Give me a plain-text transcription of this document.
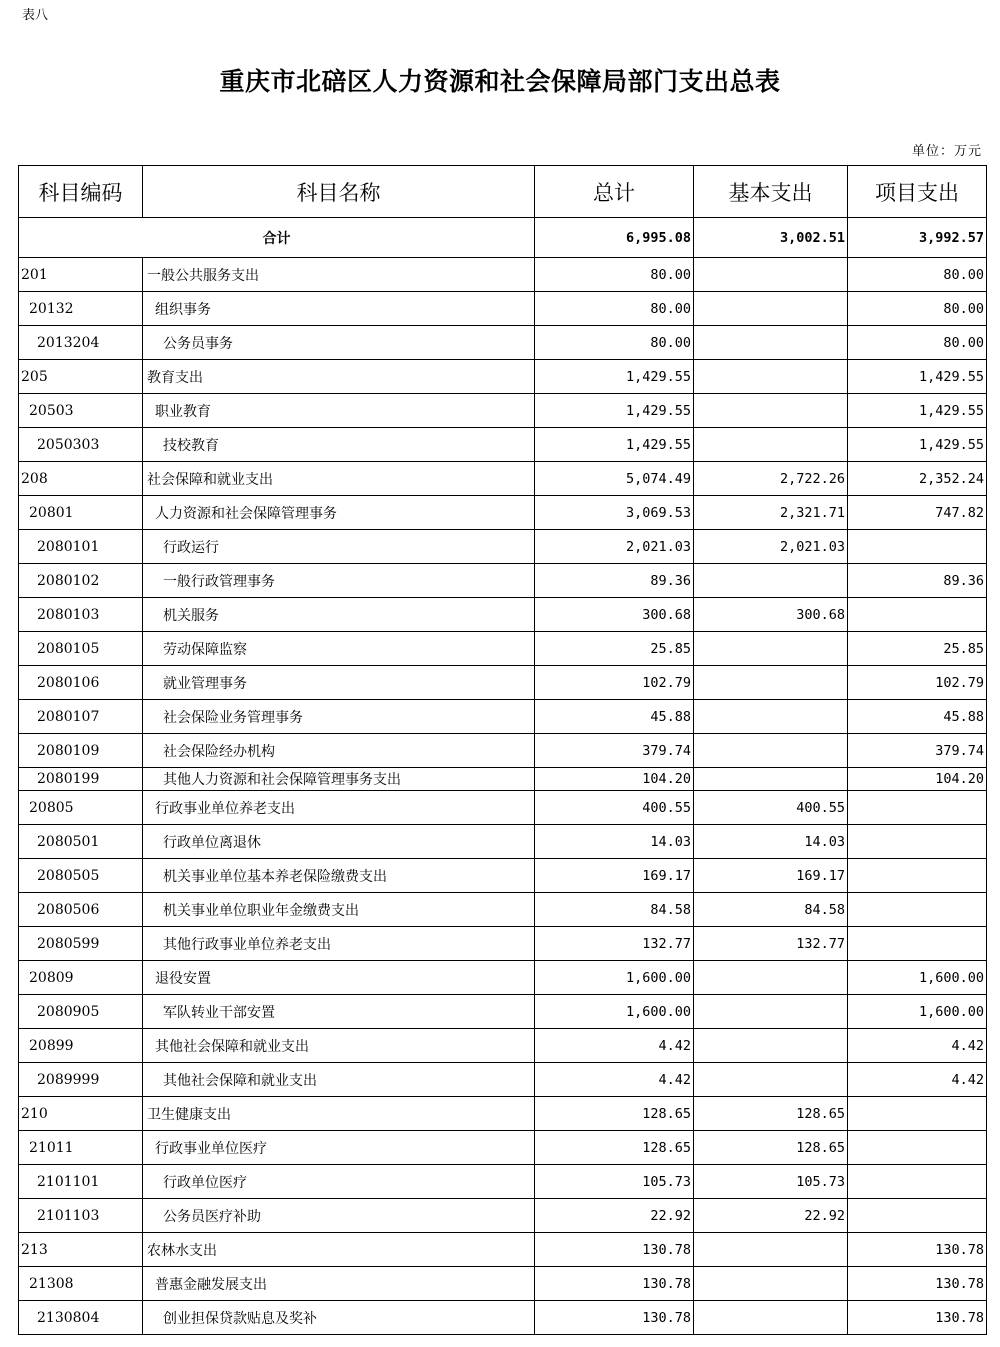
表八
重庆市北碚区人力资源和社会保障局部门支出总表
单位：万元
科目编码	科目名称	总计	基本支出	项目支出
合计		6,995.08	3,002.51	3,992.57
201	一般公共服务支出	80.00		80.00
20132	组织事务	80.00		80.00
2013204	公务员事务	80.00		80.00
205	教育支出	1,429.55		1,429.55
20503	职业教育	1,429.55		1,429.55
2050303	技校教育	1,429.55		1,429.55
208	社会保障和就业支出	5,074.49	2,722.26	2,352.24
20801	人力资源和社会保障管理事务	3,069.53	2,321.71	747.82
2080101	行政运行	2,021.03	2,021.03	
2080102	一般行政管理事务	89.36		89.36
2080103	机关服务	300.68	300.68	
2080105	劳动保障监察	25.85		25.85
2080106	就业管理事务	102.79		102.79
2080107	社会保险业务管理事务	45.88		45.88
2080109	社会保险经办机构	379.74		379.74
2080199	其他人力资源和社会保障管理事务支出	104.20		104.20
20805	行政事业单位养老支出	400.55	400.55	
2080501	行政单位离退休	14.03	14.03	
2080505	机关事业单位基本养老保险缴费支出	169.17	169.17	
2080506	机关事业单位职业年金缴费支出	84.58	84.58	
2080599	其他行政事业单位养老支出	132.77	132.77	
20809	退役安置	1,600.00		1,600.00
2080905	军队转业干部安置	1,600.00		1,600.00
20899	其他社会保障和就业支出	4.42		4.42
2089999	其他社会保障和就业支出	4.42		4.42
210	卫生健康支出	128.65	128.65	
21011	行政事业单位医疗	128.65	128.65	
2101101	行政单位医疗	105.73	105.73	
2101103	公务员医疗补助	22.92	22.92	
213	农林水支出	130.78		130.78
21308	普惠金融发展支出	130.78		130.78
2130804	创业担保贷款贴息及奖补	130.78		130.78
